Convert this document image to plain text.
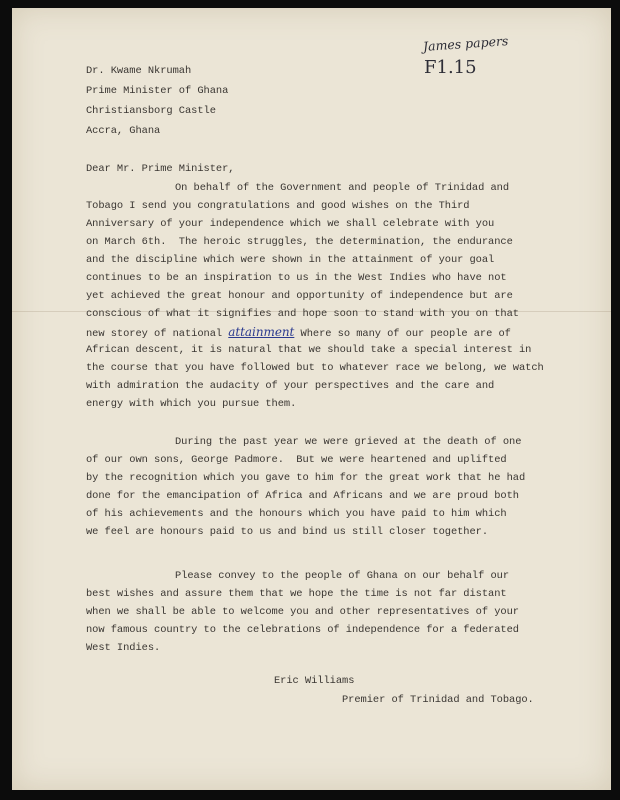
James papers
F1.15
Dr. Kwame Nkrumah
Prime Minister of Ghana
Christiansborg Castle
Accra, Ghana
Dear Mr. Prime Minister,
On behalf of the Government and people of Trinidad and
Tobago I send you congratulations and good wishes on the Third
Anniversary of your independence which we shall celebrate with you
on March 6th.  The heroic struggles, the determination, the endurance
and the discipline which were shown in the attainment of your goal
continues to be an inspiration to us in the West Indies who have not
yet achieved the great honour and opportunity of independence but are
conscious of what it signifies and hope soon to stand with you on that
new storey of national attainment Where so many of our people are of
African descent, it is natural that we should take a special interest in
the course that you have followed but to whatever race we belong, we watch
with admiration the audacity of your perspectives and the care and
energy with which you pursue them.
During the past year we were grieved at the death of one
of our own sons, George Padmore.  But we were heartened and uplifted
by the recognition which you gave to him for the great work that he had
done for the emancipation of Africa and Africans and we are proud both
of his achievements and the honours which you have paid to him which
we feel are honours paid to us and bind us still closer together.
Please convey to the people of Ghana on our behalf our
best wishes and assure them that we hope the time is not far distant
when we shall be able to welcome you and other representatives of your
now famous country to the celebrations of independence for a federated
West Indies.
Eric Williams
Premier of Trinidad and Tobago.
